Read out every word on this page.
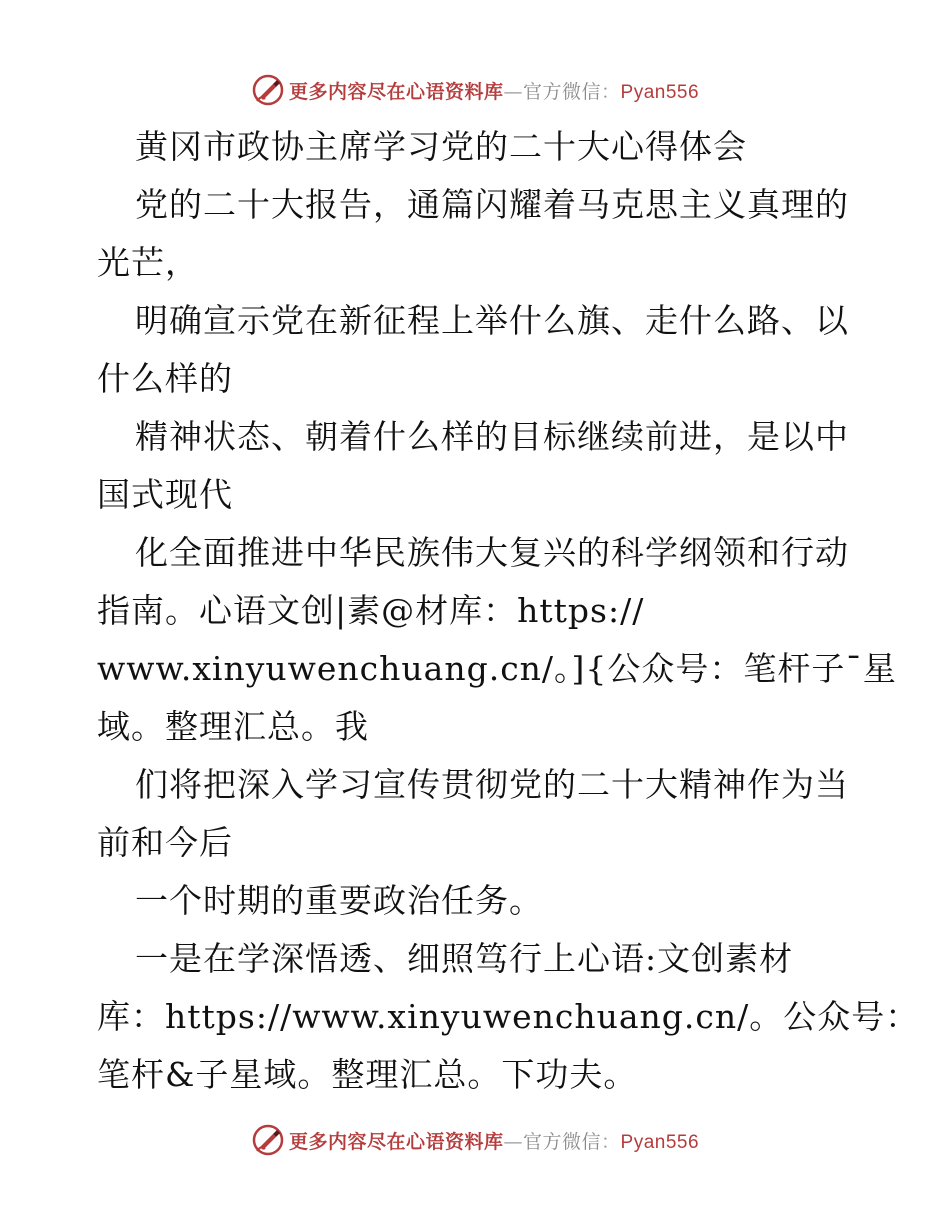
更多内容尽在心语资料库—官方微信：Pyan556
黄冈市政协主席学习党的二十大心得体会
党的二十大报告，通篇闪耀着马克思主义真理的
光芒，
明确宣示党在新征程上举什么旗、走什么路、以
什么样的
精神状态、朝着什么样的目标继续前进，是以中
国式现代
化全面推进中华民族伟大复兴的科学纲领和行动
指南。心语文创|素@材库：https://
www.xinyuwenchuang.cn/。]{公众号：笔杆子¯星
域。整理汇总。我
们将把深入学习宣传贯彻党的二十大精神作为当
前和今后
一个时期的重要政治任务。
一是在学深悟透、细照笃行上心语:文创素材
库：https://www.xinyuwenchuang.cn/。公众号：
笔杆&子星域。整理汇总。下功夫。
更多内容尽在心语资料库—官方微信：Pyan556
